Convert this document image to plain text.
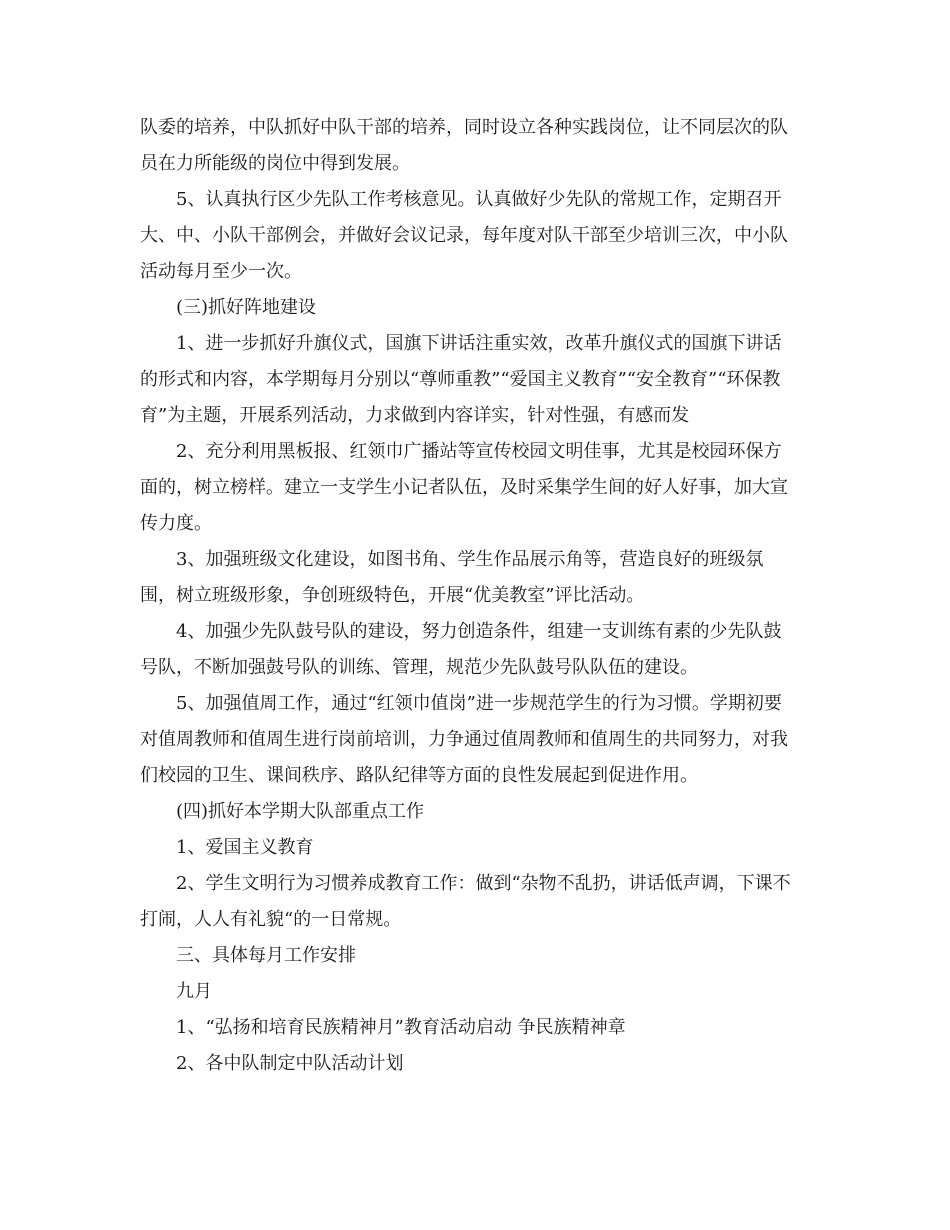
队委的培养，中队抓好中队干部的培养，同时设立各种实践岗位，让不同层次的队

员在力所能级的岗位中得到发展。

5、认真执行区少先队工作考核意见。认真做好少先队的常规工作，定期召开

大、中、小队干部例会，并做好会议记录，每年度对队干部至少培训三次，中小队

活动每月至少一次。

(三)抓好阵地建设

1、进一步抓好升旗仪式，国旗下讲话注重实效，改革升旗仪式的国旗下讲话

的形式和内容，本学期每月分别以“尊师重教”“爱国主义教育”“安全教育”“环保教

育”为主题，开展系列活动，力求做到内容详实，针对性强，有感而发

2、充分利用黑板报、红领巾广播站等宣传校园文明佳事，尤其是校园环保方

面的，树立榜样。建立一支学生小记者队伍，及时采集学生间的好人好事，加大宣

传力度。

3、加强班级文化建设，如图书角、学生作品展示角等，营造良好的班级氛

围，树立班级形象，争创班级特色，开展“优美教室”评比活动。

4、加强少先队鼓号队的建设，努力创造条件，组建一支训练有素的少先队鼓

号队，不断加强鼓号队的训练、管理，规范少先队鼓号队队伍的建设。

5、加强值周工作，通过“红领巾值岗”进一步规范学生的行为习惯。学期初要

对值周教师和值周生进行岗前培训，力争通过值周教师和值周生的共同努力，对我

们校园的卫生、课间秩序、路队纪律等方面的良性发展起到促进作用。

(四)抓好本学期大队部重点工作

1、爱国主义教育

2、学生文明行为习惯养成教育工作：做到“杂物不乱扔，讲话低声调，下课不

打闹，人人有礼貌“的一日常规。

三、具体每月工作安排

九月

1、“弘扬和培育民族精神月”教育活动启动 争民族精神章

2、各中队制定中队活动计划
